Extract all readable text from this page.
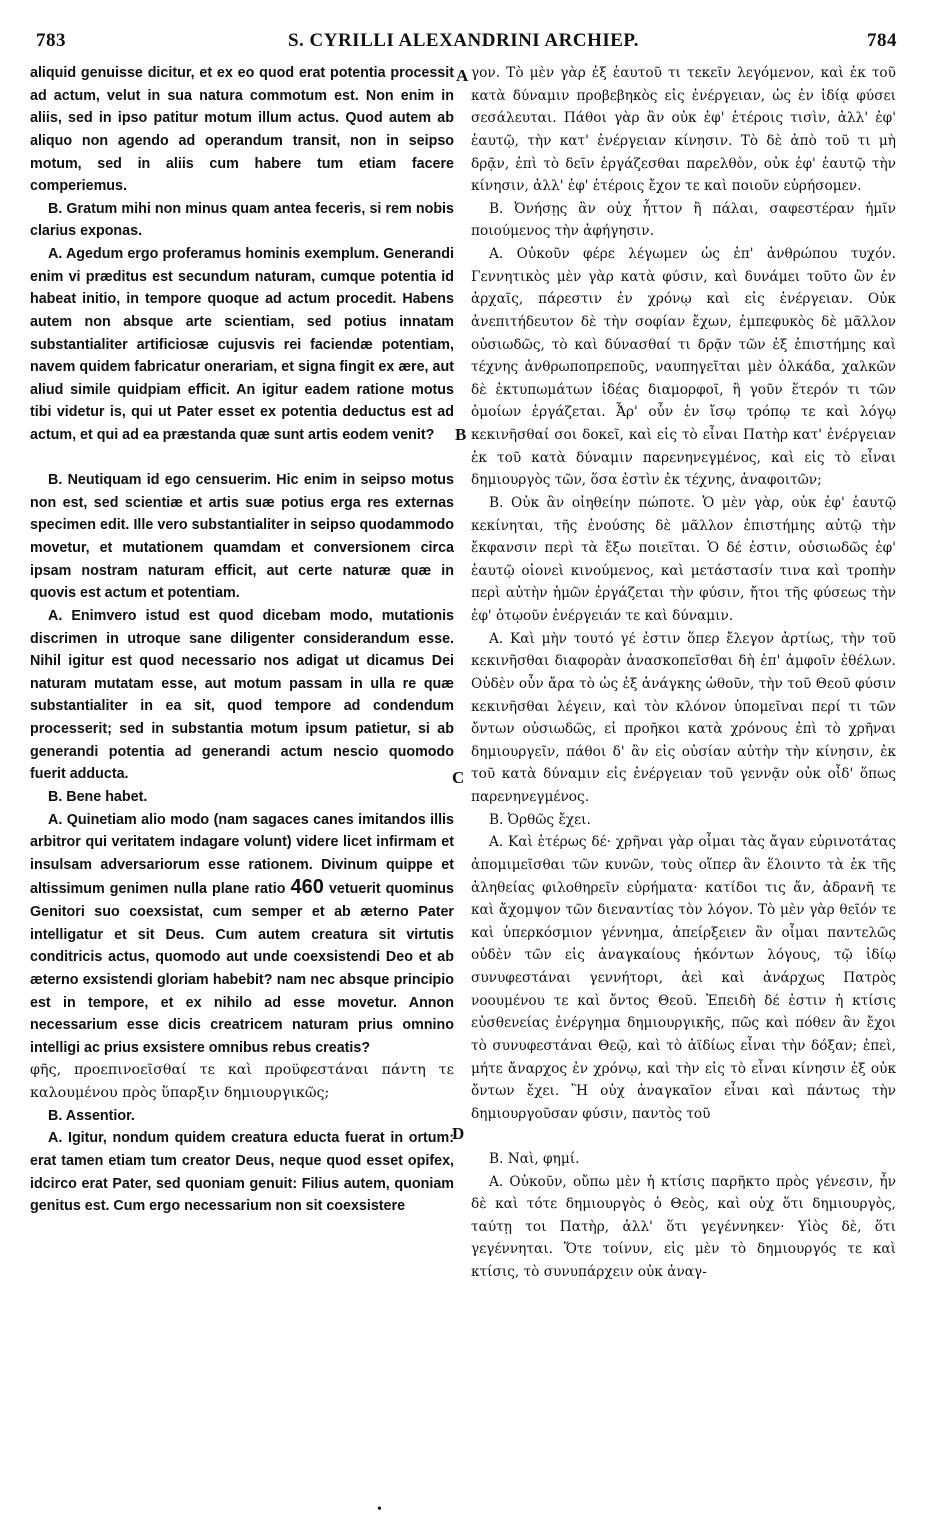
S. CYRILLI ALEXANDRINI ARCHIEP.
783	784
A
B
C
D

aliquid genuisse dicitur, et ex eo quod erat potentia processit ad actum, velut in sua natura commotum est. Non enim in aliis, sed in ipso patitur motum illum actus. Quod autem ab aliquo non agendo ad operandum transit, non in seipso motum, sed in aliis cum habere tum etiam facere comperiemus.

B. Gratum mihi non minus quam antea feceris, si rem nobis clarius exponas.

A. Agedum ergo proferamus hominis exemplum. Generandi enim vi præditus est secundum naturam, cumque potentia id habeat initio, in tempore quoque ad actum procedit. Habens autem non absque arte scientiam, sed potius innatam substantialiter artificiosæ cujusvis rei faciendæ potentiam, navem quidem fabricatur onerariam, et signa fingit ex ære, aut aliud simile quidpiam efficit. An igitur eadem ratione motus tibi videtur is, qui ut Pater esset ex potentia deductus est ad actum, et qui ad ea præstanda quæ sunt artis eodem venit?

B. Neutiquam id ego censuerim. Hic enim in seipso motus non est, sed scientiæ et artis suæ potius erga res externas specimen edit. Ille vero substantialiter in seipso quodammodo movetur, et mutationem quamdam et conversionem circa ipsam nostram naturam efficit, aut certe naturæ quæ in quovis est actum et potentiam.

A. Enimvero istud est quod dicebam modo, mutationis discrimen in utroque sane diligenter considerandum esse. Nihil igitur est quod necessario nos adigat ut dicamus Dei naturam mutatam esse, aut motum passam in ulla re quæ substantialiter in ea sit, quod tempore ad condendum processerit; sed in substantia motum ipsum patietur, si ab generandi potentia ad generandi actum nescio quomodo fuerit adducta.

B. Bene habet.

A. Quinetiam alio modo (nam sagaces canes imitandos illis arbitror qui veritatem indagare volunt) videre licet infirmam et insulsam adversariorum esse rationem. Divinum quippe et altissimum genimen nulla plane ratio 460 vetuerit quominus Genitori suo coexsistat, cum semper et ab æterno Pater intelligatur et sit Deus. Cum autem creatura sit virtutis conditricis actus, quomodo aut unde coexsistendi Deo et ab æterno exsistendi gloriam habebit? nam nec absque principio est in tempore, et ex nihilo ad esse movetur. Annon necessarium esse dicis creatricem naturam prius omnino intelligi ac prius exsistere omnibus rebus creatis?

φῆς, προεπινοεῖσθαί τε καὶ προϋφεστάναι πάντη τε καλουμένου πρὸς ὕπαρξιν δημιουργικῶς;

B. Assentior.

A. Igitur, nondum quidem creatura educta fuerat in ortum: erat tamen etiam tum creator Deus, neque quod esset opifex, idcirco erat Pater, sed quoniam genuit: Filius autem, quoniam genitus est. Cum ergo necessarium non sit coexsistere

γον. Τὸ μὲν γὰρ ἐξ ἑαυτοῦ τι τεκεῖν λεγόμενον, καὶ ἐκ τοῦ κατὰ δύναμιν προβεβηκὸς εἰς ἐνέργειαν, ὡς ἐν ἰδίᾳ φύσει σεσάλευται. Πάθοι γὰρ ἂν οὐκ ἐφ' ἑτέροις τισὶν, ἀλλ' ἐφ' ἑαυτῷ, τὴν κατ' ἐνέργειαν κίνησιν. Τὸ δὲ ἀπὸ τοῦ τι μὴ δρᾷν, ἐπὶ τὸ δεῖν ἐργάζεσθαι παρελθὸν, οὐκ ἐφ' ἑαυτῷ τὴν κίνησιν, ἀλλ' ἐφ' ἑτέροις ἔχον τε καὶ ποιοῦν εὑρήσομεν.

B. Ὀνήσῃς ἂν οὐχ ἧττον ἢ πάλαι, σαφεστέραν ἡμῖν ποιούμενος τὴν ἀφήγησιν.

A. Οὐκοῦν φέρε λέγωμεν ὡς ἐπ' ἀνθρώπου τυχόν. Γεννητικὸς μὲν γὰρ κατὰ φύσιν, καὶ δυνάμει τοῦτο ὢν ἐν ἀρχαῖς, πάρεστιν ἐν χρόνῳ καὶ εἰς ἐνέργειαν. Οὐκ ἀνεπιτήδευτον δὲ τὴν σοφίαν ἔχων, ἐμπεφυκὸς δὲ μᾶλλον οὐσιωδῶς, τὸ καὶ δύνασθαί τι δρᾷν τῶν ἐξ ἐπιστήμης καὶ τέχνης ἀνθρωποπρεποῦς, ναυπηγεῖται μὲν ὁλκάδα, χαλκῶν δὲ ἐκτυπωμάτων ἰδέας διαμορφοῖ, ἢ γοῦν ἕτερόν τι τῶν ὁμοίων ἐργάζεται. Ἆρ' οὖν ἐν ἴσῳ τρόπῳ τε καὶ λόγῳ κεκινῆσθαί σοι δοκεῖ, καὶ εἰς τὸ εἶναι Πατὴρ κατ' ἐνέργειαν ἐκ τοῦ κατὰ δύναμιν παρενηνεγμένος, καὶ εἰς τὸ εἶναι δημιουργὸς τῶν, ὅσα ἐστὶν ἐκ τέχνης, ἀναφοιτῶν;

B. Οὐκ ἂν οἰηθείην πώποτε. Ὁ μὲν γὰρ, οὐκ ἐφ' ἑαυτῷ κεκίνηται, τῆς ἐνούσης δὲ μᾶλλον ἐπιστήμης αὐτῷ τὴν ἔκφανσιν περὶ τὰ ἔξω ποιεῖται. Ὁ δέ ἐστιν, οὐσιωδῶς ἐφ' ἑαυτῷ οἱονεὶ κινούμενος, καὶ μετάστασίν τινα καὶ τροπὴν περὶ αὐτὴν ἡμῶν ἐργάζεται τὴν φύσιν, ἤτοι τῆς φύσεως τὴν ἐφ' ὁτῳοῦν ἐνέργειάν τε καὶ δύναμιν.

A. Καὶ μὴν τουτό γέ ἐστιν ὅπερ ἔλεγον ἀρτίως, τὴν τοῦ κεκινῆσθαι διαφορὰν ἀνασκοπεῖσθαι δὴ ἐπ' ἀμφοῖν ἐθέλων. Οὐδὲν οὖν ἄρα τὸ ὡς ἐξ ἀνάγκης ὠθοῦν, τὴν τοῦ Θεοῦ φύσιν κεκινῆσθαι λέγειν, καὶ τὸν κλόνον ὑπομεῖναι περί τι τῶν ὄντων οὐσιωδῶς, εἰ προῆκοι κατὰ χρόνους ἐπὶ τὸ χρῆναι δημιουργεῖν, πάθοι δ' ἂν εἰς οὐσίαν αὐτὴν τὴν κίνησιν, ἐκ τοῦ κατὰ δύναμιν εἰς ἐνέργειαν τοῦ γεννᾷν οὐκ οἶδ' ὅπως παρενηνεγμένος.

B. Ὀρθῶς ἔχει.

A. Καὶ ἑτέρως δέ· χρῆναι γὰρ οἶμαι τὰς ἄγαν εὐρινοτάτας ἀπομιμεῖσθαι τῶν κυνῶν, τοὺς οἵπερ ἂν ἕλοιντο τὰ ἐκ τῆς ἀληθείας φιλοθηρεῖν εὑρήματα· κατίδοι τις ἄν, ἀδρανῆ τε καὶ ἄχομψον τῶν διεναντίας τὸν λόγον. Τὸ μὲν γὰρ θεῖόν τε καὶ ὑπερκόσμιον γέννημα, ἀπείρξειεν ἂν οἶμαι παντελῶς οὐδὲν τῶν εἰς ἀναγκαίους ἡκόντων λόγους, τῷ ἰδίῳ συνυφεστάναι γεννήτορι, ἀεὶ καὶ ἀνάρχως Πατρὸς νοουμένου τε καὶ ὄντος Θεοῦ. Ἐπειδὴ δέ ἐστιν ἡ κτίσις εὐσθενείας ἐνέργημα δημιουργικῆς, πῶς καὶ πόθεν ἂν ἔχοι τὸ συνυφεστάναι Θεῷ, καὶ τὸ ἀϊδίως εἶναι τὴν δόξαν; ἐπεὶ, μήτε ἄναρχος ἐν χρόνῳ, καὶ τὴν εἰς τὸ εἶναι κίνησιν ἐξ οὐκ ὄντων ἔχει. Ἢ οὐχ ἀναγκαῖον εἶναι καὶ πάντως τὴν δημιουργοῦσαν φύσιν, παντὸς τοῦ

B. Ναὶ, φημί.

A. Οὐκοῦν, οὔπω μὲν ἡ κτίσις παρῆκτο πρὸς γένεσιν, ἦν δὲ καὶ τότε δημιουργὸς ὁ Θεὸς, καὶ οὐχ ὅτι δημιουργὸς, ταύτῃ τοι Πατὴρ, ἀλλ' ὅτι γεγέννηκεν· Υἱὸς δὲ, ὅτι γεγέννηται. Ὅτε τοίνυν, εἰς μὲν τὸ δημιουργός τε καὶ κτίσις, τὸ συνυπάρχειν οὐκ ἀναγ-

•
